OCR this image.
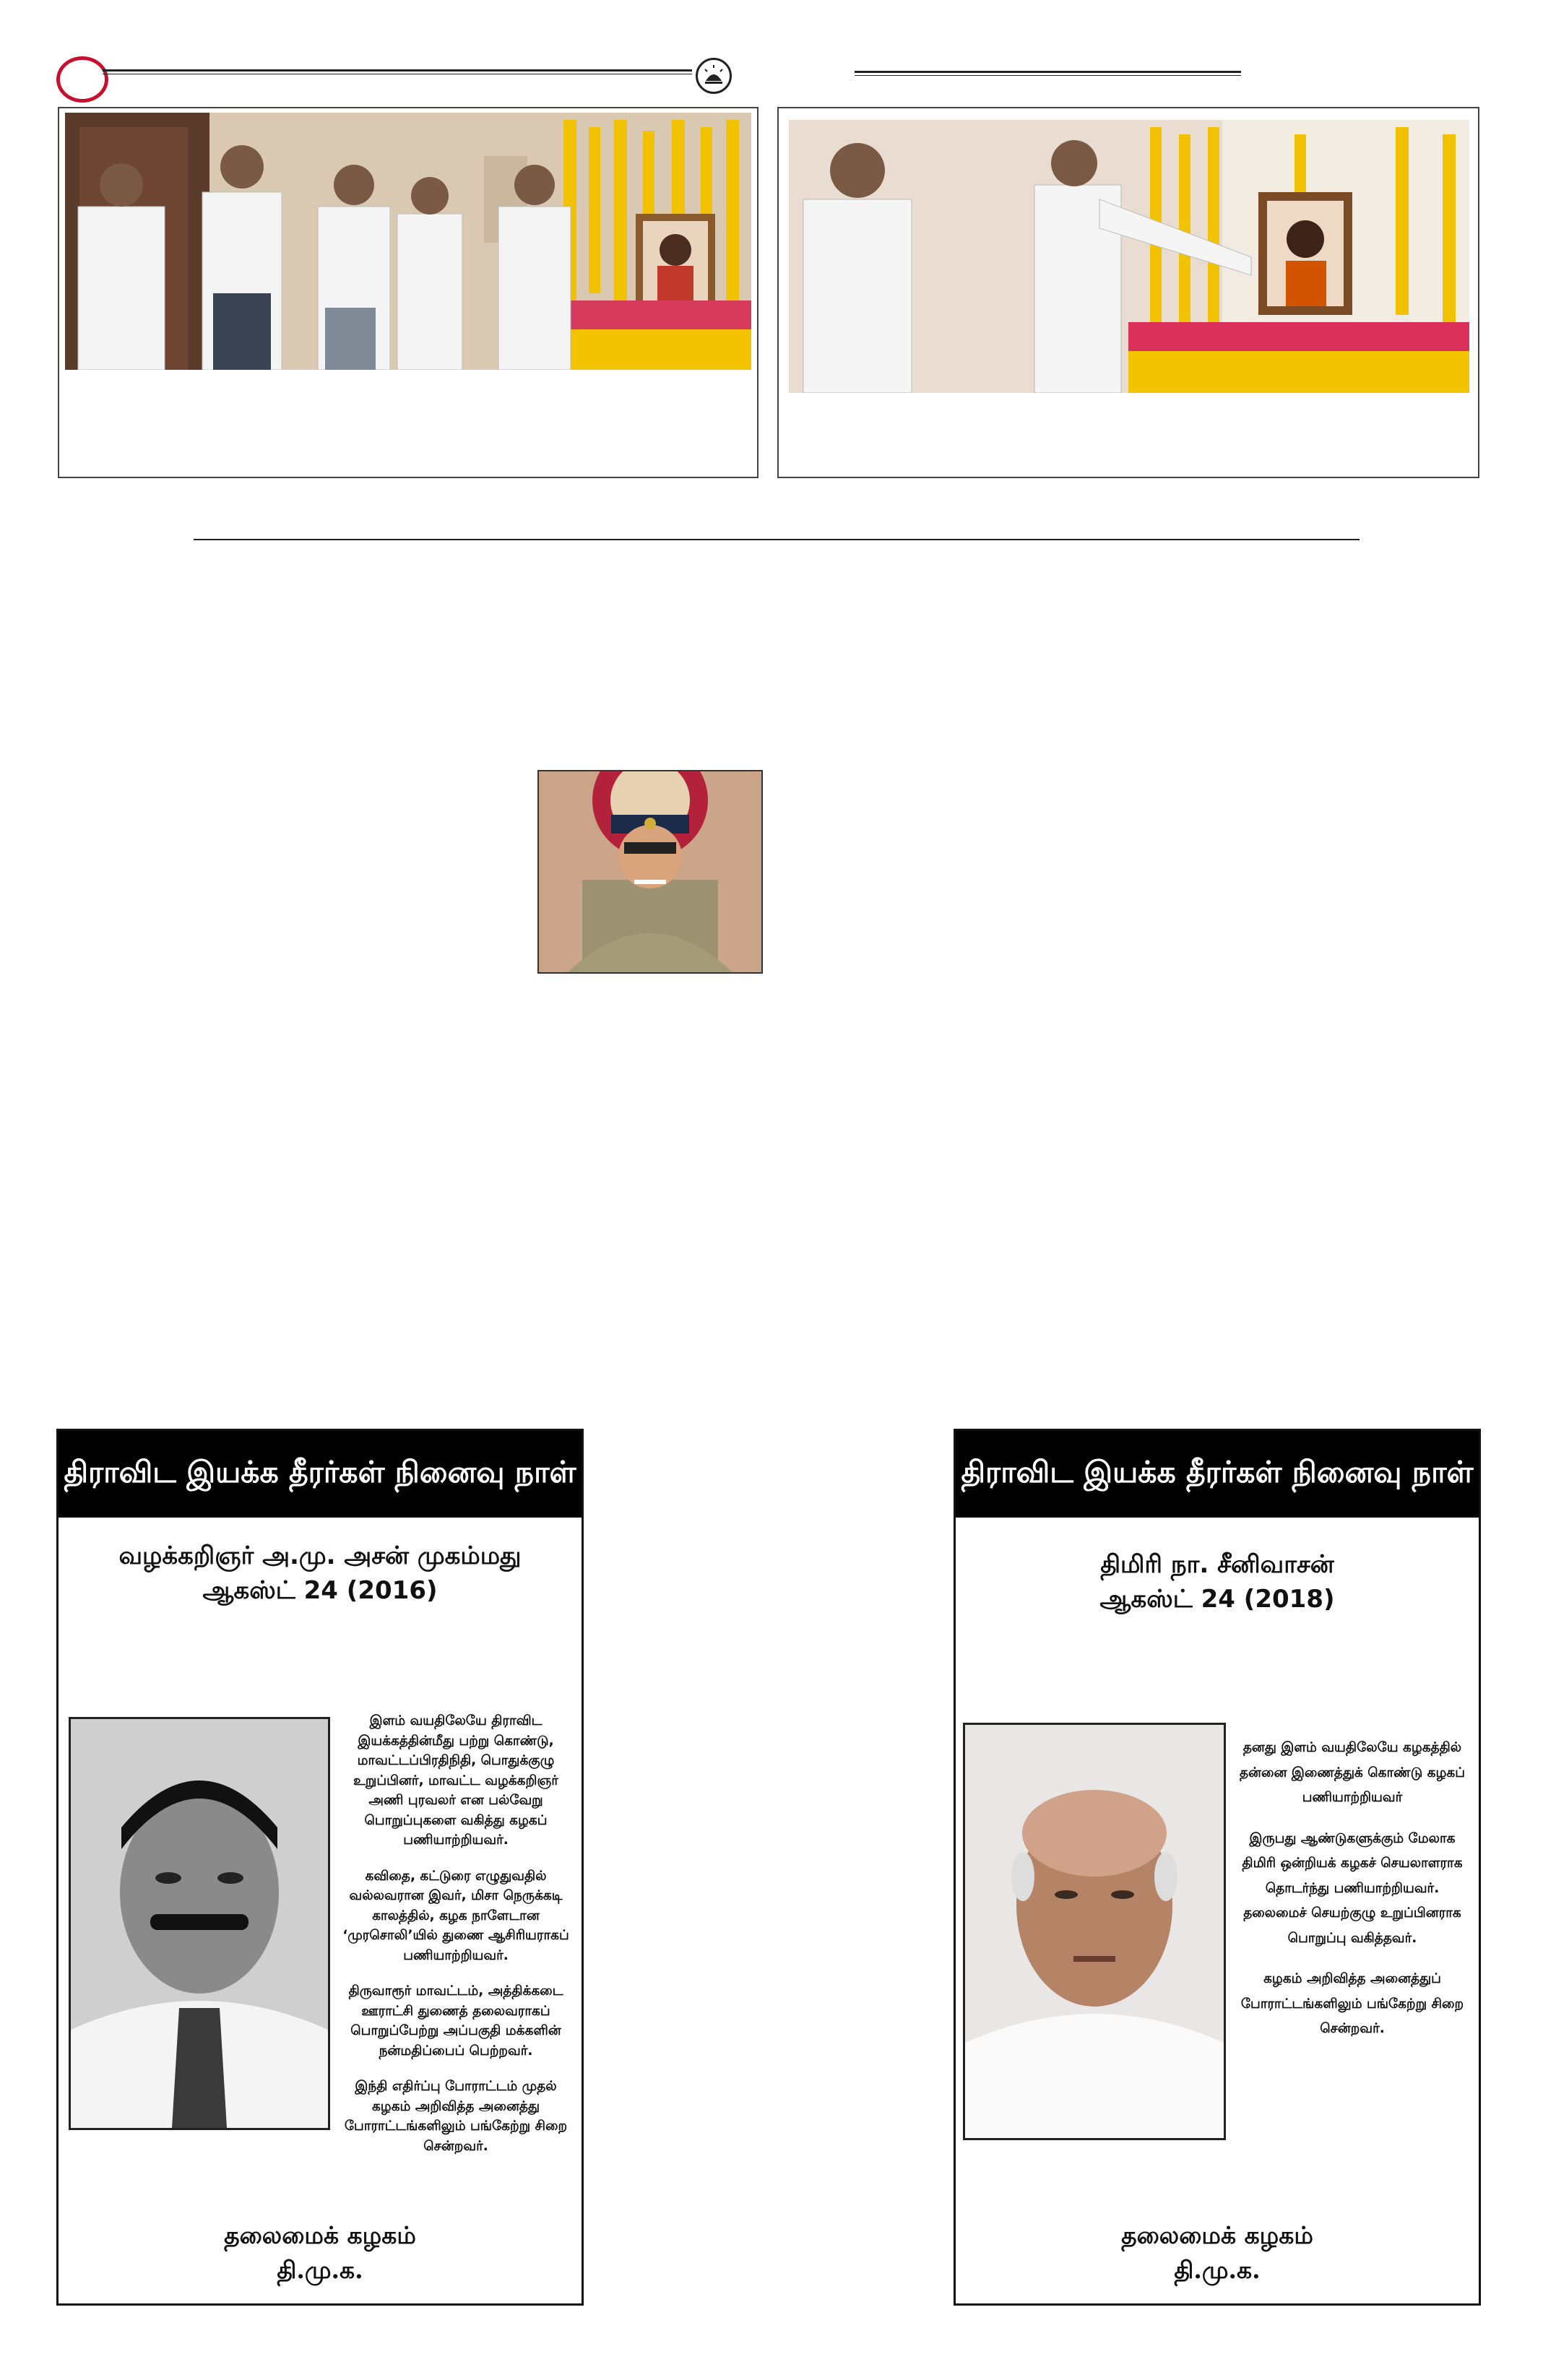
திராவிட இயக்க தீரர்கள் நினைவு நாள்
வழக்கறிஞர் அ.மு. அசன் முகம்மது
ஆகஸ்ட் 24 (2016)

இளம் வயதிலேயே திராவிட இயக்கத்தின்மீது பற்று கொண்டு, மாவட்டப்பிரதிநிதி, பொதுக்குழு உறுப்பினர், மாவட்ட வழக்கறிஞர் அணி புரவலர் என பல்வேறு பொறுப்புகளை வகித்து கழகப் பணியாற்றியவர்.

கவிதை, கட்டுரை எழுதுவதில் வல்லவரான இவர், மிசா நெருக்கடி காலத்தில், கழக நாளேடான ‘முரசொலி’யில் துணை ஆசிரியராகப் பணியாற்றியவர்.

திருவாரூர் மாவட்டம், அத்திக்கடை ஊராட்சி துணைத் தலைவராகப் பொறுப்பேற்று அப்பகுதி மக்களின் நன்மதிப்பைப் பெற்றவர்.

இந்தி எதிர்ப்பு போராட்டம் முதல் கழகம் அறிவித்த அனைத்து போராட்டங்களிலும் பங்கேற்று சிறை சென்றவர்.

தலைமைக் கழகம்
தி.மு.க.
திராவிட இயக்க தீரர்கள் நினைவு நாள்
திமிரி நா. சீனிவாசன்
ஆகஸ்ட் 24 (2018)

தனது இளம் வயதிலேயே கழகத்தில் தன்னை இணைத்துக் கொண்டு கழகப் பணியாற்றியவர்

இருபது ஆண்டுகளுக்கும் மேலாக திமிரி ஒன்றியக் கழகச் செயலாளராக தொடர்ந்து பணியாற்றியவர். தலைமைச் செயற்குழு உறுப்பினராக பொறுப்பு வகித்தவர்.

கழகம் அறிவித்த அனைத்துப் போராட்டங்களிலும் பங்கேற்று சிறை சென்றவர்.

தலைமைக் கழகம்
தி.மு.க.
